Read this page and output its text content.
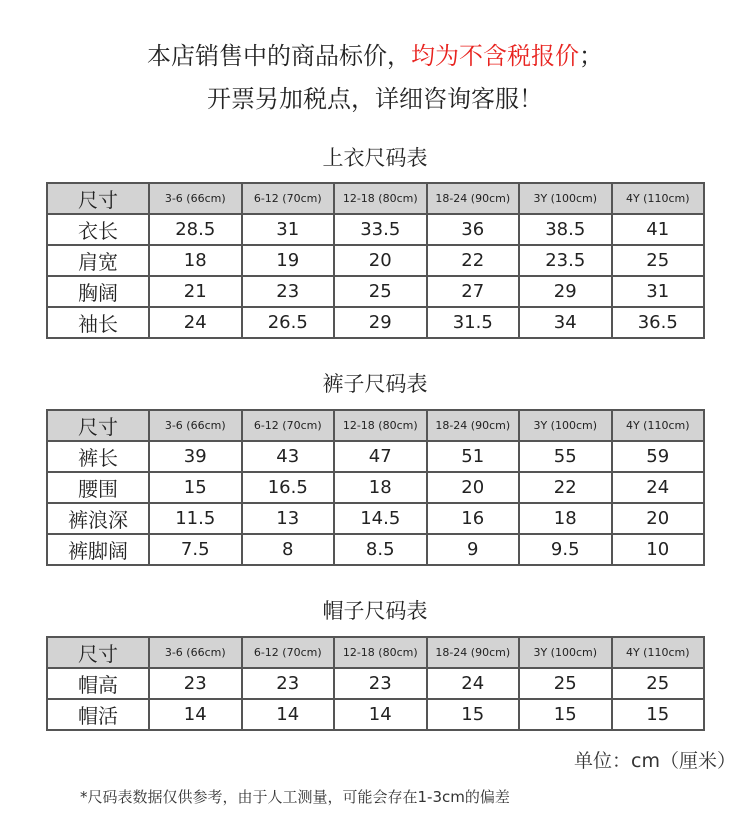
本店销售中的商品标价，均为不含税报价；
开票另加税点，详细咨询客服！
上衣尺码表
尺寸	3-6 (66cm)	6-12 (70cm)	12-18 (80cm)	18-24 (90cm)	3Y (100cm)	4Y (110cm)
衣长	28.5	31	33.5	36	38.5	41
肩宽	18	19	20	22	23.5	25
胸阔	21	23	25	27	29	31
袖长	24	26.5	29	31.5	34	36.5
裤子尺码表
尺寸	3-6 (66cm)	6-12 (70cm)	12-18 (80cm)	18-24 (90cm)	3Y (100cm)	4Y (110cm)
裤长	39	43	47	51	55	59
腰围	15	16.5	18	20	22	24
裤浪深	11.5	13	14.5	16	18	20
裤脚阔	7.5	8	8.5	9	9.5	10
帽子尺码表
尺寸	3-6 (66cm)	6-12 (70cm)	12-18 (80cm)	18-24 (90cm)	3Y (100cm)	4Y (110cm)
帽高	23	23	23	24	25	25
帽活	14	14	14	15	15	15
单位：cm（厘米）
*尺码表数据仅供参考，由于人工测量，可能会存在1-3cm的偏差
